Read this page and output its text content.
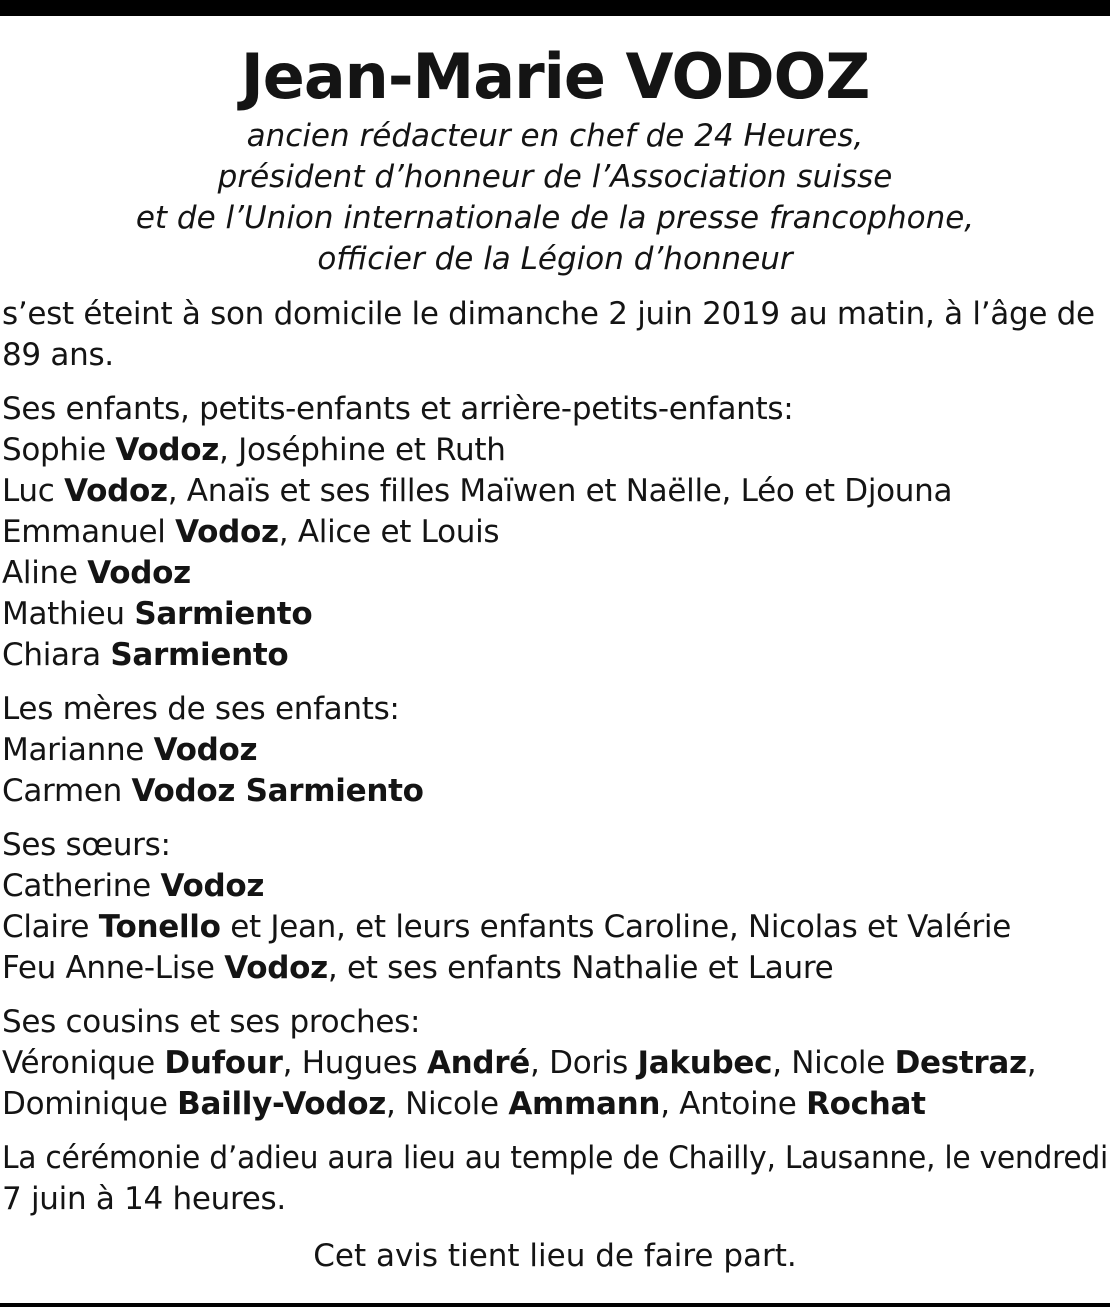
Jean-Marie VODOZ

ancien rédacteur en chef de 24 Heures,

président d’honneur de l’Association suisse

et de l’Union internationale de la presse francophone,

officier de la Légion d’honneur

s’est éteint à son domicile le dimanche 2 juin 2019 au matin, à l’âge de
89 ans.
Ses enfants, petits-enfants et arrière-petits-enfants:
Sophie Vodoz, Joséphine et Ruth
Luc Vodoz, Anaïs et ses filles Maïwen et Naëlle, Léo et Djouna
Emmanuel Vodoz, Alice et Louis
Aline Vodoz
Mathieu Sarmiento
Chiara Sarmiento
Les mères de ses enfants:
Marianne Vodoz
Carmen Vodoz Sarmiento
Ses sœurs:
Catherine Vodoz
Claire Tonello et Jean, et leurs enfants Caroline, Nicolas et Valérie
Feu Anne-Lise Vodoz, et ses enfants Nathalie et Laure
Ses cousins et ses proches:
Véronique Dufour, Hugues André, Doris Jakubec, Nicole Destraz,
Dominique Bailly-Vodoz, Nicole Ammann, Antoine Rochat
La cérémonie d’adieu aura lieu au temple de Chailly, Lausanne, le vendredi
7 juin à 14 heures.
Cet avis tient lieu de faire part.
